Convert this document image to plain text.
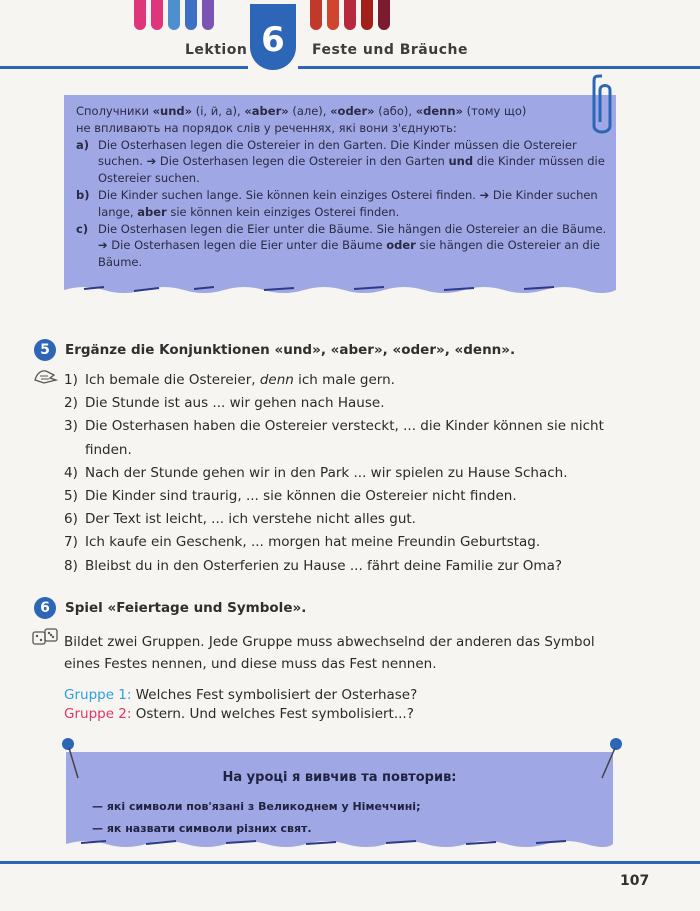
6
Lektion	Feste und Bräuche
Сполучники «und» (і, й, а), «aber» (але), «oder» (або), «denn» (тому що)
не впливають на порядок слів у реченнях, які вони з'єднують:
a) Die Osterhasen legen die Ostereier in den Garten. Die Kinder müssen die Ostereier suchen. ➔ Die Osterhasen legen die Ostereier in den Garten und die Kinder müssen die Ostereier suchen.
b) Die Kinder suchen lange. Sie können kein einziges Osterei finden. ➔ Die Kinder suchen lange, aber sie können kein einziges Osterei finden.
c) Die Osterhasen legen die Eier unter die Bäume. Sie hängen die Ostereier an die Bäume. ➔ Die Osterhasen legen die Eier unter die Bäume oder sie hängen die Ostereier an die Bäume.
5	Ergänze die Konjunktionen «und», «aber», «oder», «denn».
1) Ich bemale die Ostereier, denn ich male gern.
2) Die Stunde ist aus ... wir gehen nach Hause.
3) Die Osterhasen haben die Ostereier versteckt, ... die Kinder können sie nicht finden.
4) Nach der Stunde gehen wir in den Park ... wir spielen zu Hause Schach.
5) Die Kinder sind traurig, ... sie können die Ostereier nicht finden.
6) Der Text ist leicht, ... ich verstehe nicht alles gut.
7) Ich kaufe ein Geschenk, ... morgen hat meine Freundin Geburtstag.
8) Bleibst du in den Osterferien zu Hause ... fährt deine Familie zur Oma?
6	Spiel «Feiertage und Symbole».
Bildet zwei Gruppen. Jede Gruppe muss abwechselnd der anderen das Symbol eines Festes nennen, und diese muss das Fest nennen.
Gruppe 1: Welches Fest symbolisiert der Osterhase?
Gruppe 2: Ostern. Und welches Fest symbolisiert...?
На уроці я вивчив та повторив:
— які символи пов'язані з Великоднем у Німеччині;
— як назвати символи різних свят.
107
